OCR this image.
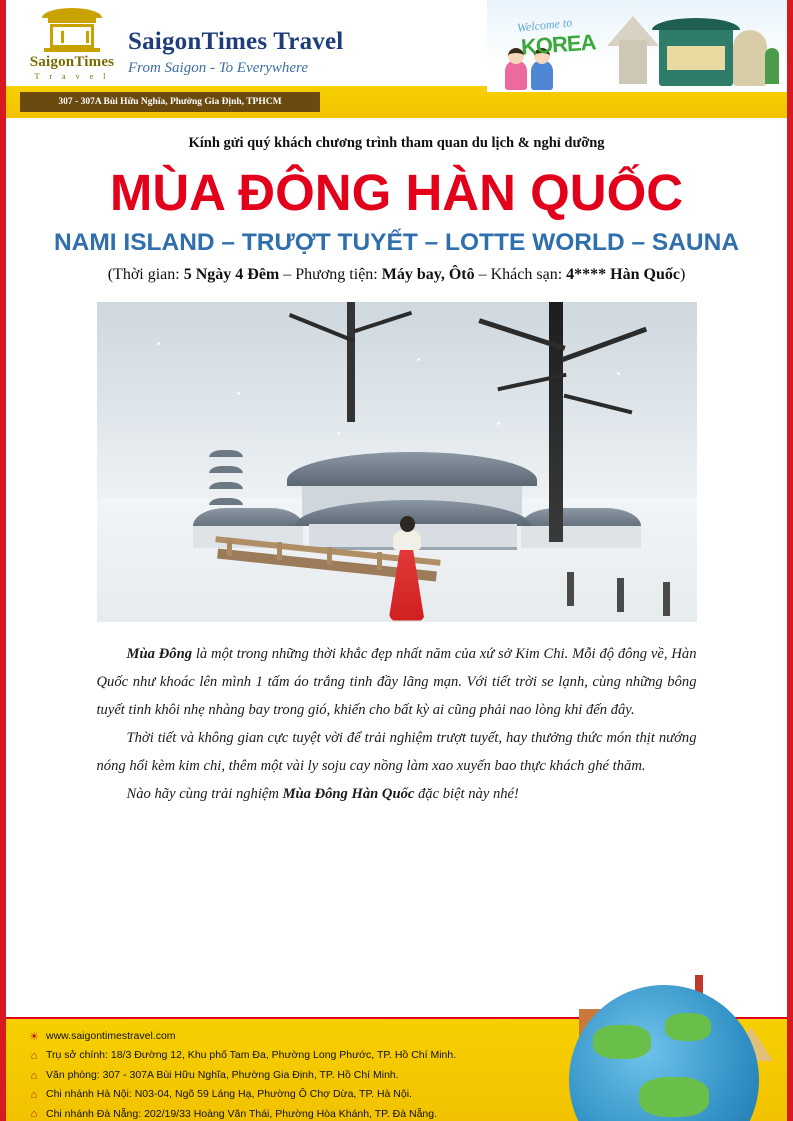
SaigonTimes
T r a v e l
SaigonTimes Travel
From Saigon - To Everywhere
307 - 307A Bùi Hữu Nghĩa, Phường Gia Định, TPHCM
Welcome to
KOREA
Kính gửi quý khách chương trình tham quan du lịch & nghỉ dưỡng
MÙA ĐÔNG HÀN QUỐC
NAMI ISLAND – TRƯỢT TUYẾT – LOTTE WORLD – SAUNA
(Thời gian: 5 Ngày 4 Đêm – Phương tiện: Máy bay, Ôtô – Khách sạn: 4**** Hàn Quốc)

Mùa Đông là một trong những thời khắc đẹp nhất năm của xứ sở Kim Chi. Mỗi độ đông về, Hàn Quốc như khoác lên mình 1 tấm áo trắng tinh đầy lãng mạn. Với tiết trời se lạnh, cùng những bông tuyết tinh khôi nhẹ nhàng bay trong gió, khiến cho bất kỳ ai cũng phải nao lòng khi đến đây.

Thời tiết và không gian cực tuyệt vời để trải nghiệm trượt tuyết, hay thưởng thức món thịt nướng nóng hổi kèm kim chi, thêm một vài ly soju cay nồng làm xao xuyến bao thực khách ghé thăm.

Nào hãy cùng trải nghiệm Mùa Đông Hàn Quốc đặc biệt này nhé!

☀ www.saigontimestravel.com
⌂ Trụ sở chính: 18/3 Đường 12, Khu phố Tam Đa, Phường Long Phước, TP. Hồ Chí Minh.
⌂ Văn phòng: 307 - 307A Bùi Hữu Nghĩa, Phường Gia Định, TP. Hồ Chí Minh.
⌂ Chi nhánh Hà Nội: N03-04, Ngõ 59 Láng Hạ, Phường Ô Chợ Dừa, TP. Hà Nội.
⌂ Chi nhánh Đà Nẵng: 202/19/33 Hoàng Văn Thái, Phường Hòa Khánh, TP. Đà Nẵng.
